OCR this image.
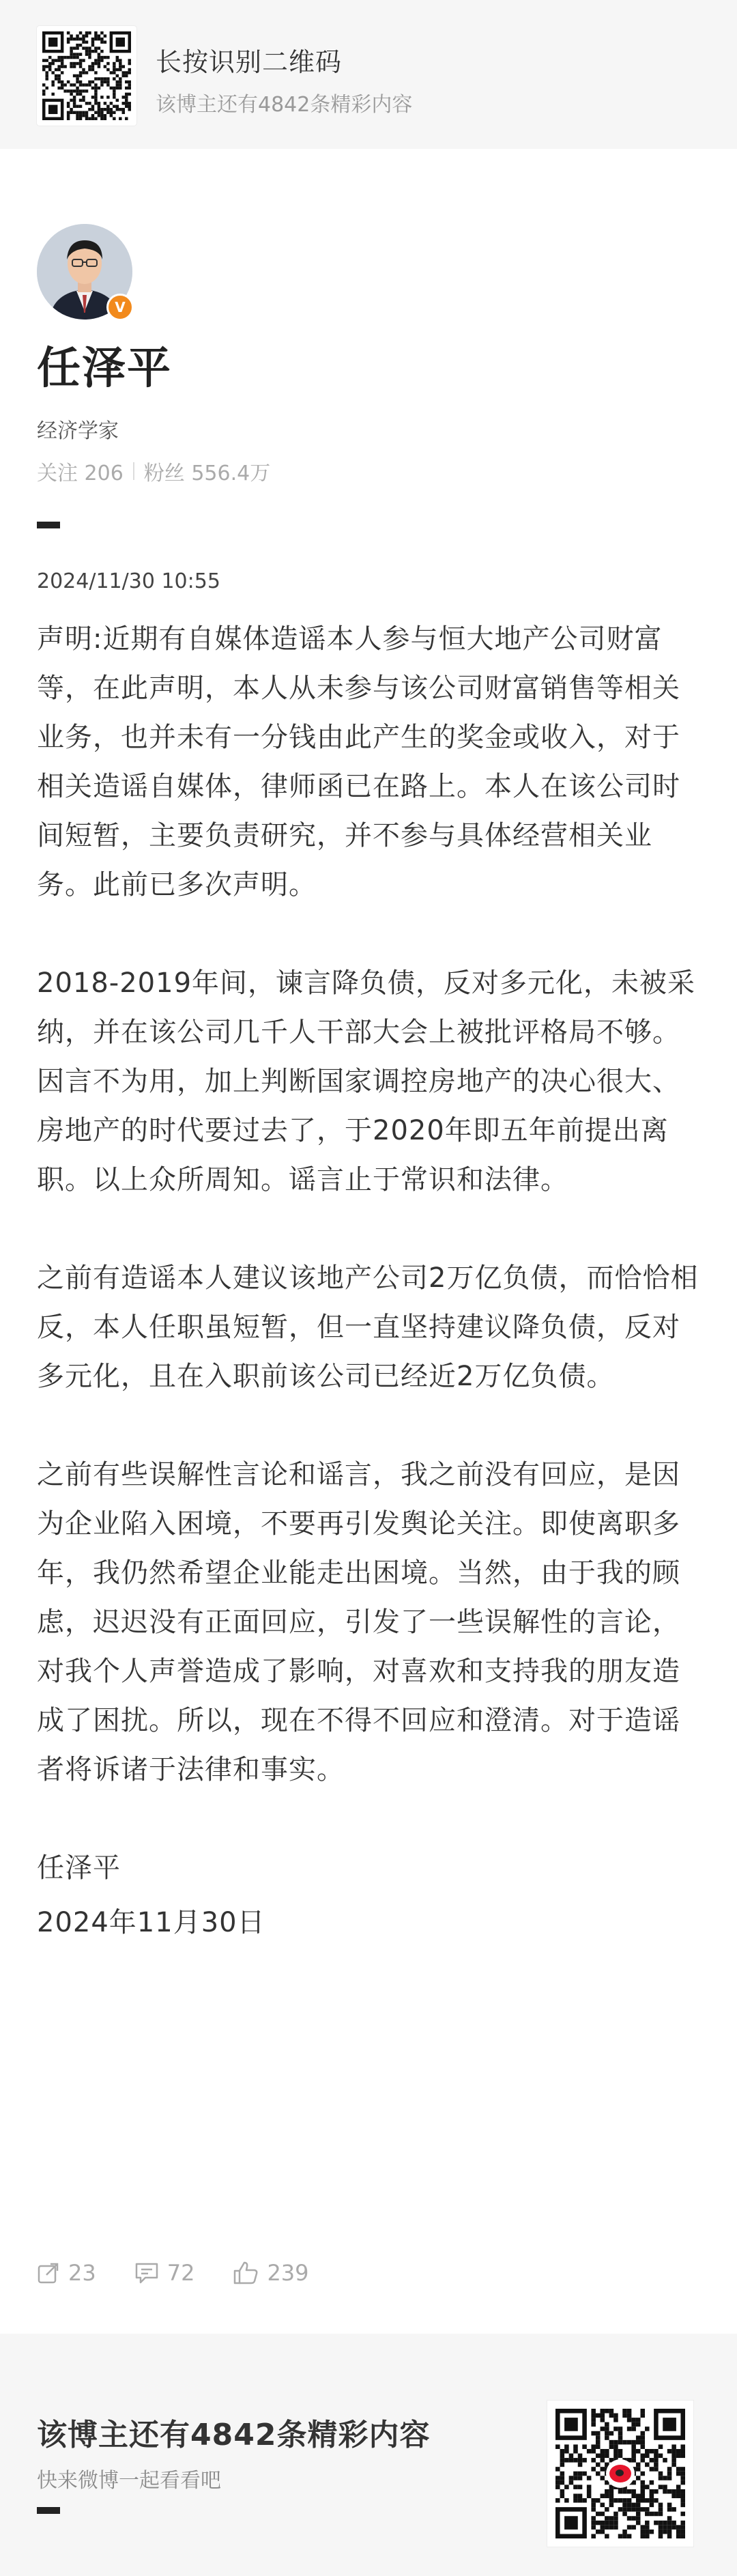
长按识别二维码
该博主还有4842条精彩内容
V
任泽平
经济学家
关注 206 粉丝 556.4万
2024/11/30 10:55

声明:近期有自媒体造谣本人参与恒大地产公司财富等，在此声明，本人从未参与该公司财富销售等相关业务，也并未有一分钱由此产生的奖金或收入，对于相关造谣自媒体，律师函已在路上。本人在该公司时间短暂，主要负责研究，并不参与具体经营相关业务。此前已多次声明。

2018-2019年间，谏言降负债，反对多元化，未被采纳，并在该公司几千人干部大会上被批评格局不够。因言不为用，加上判断国家调控房地产的决心很大、房地产的时代要过去了，于2020年即五年前提出离职。以上众所周知。谣言止于常识和法律。

之前有造谣本人建议该地产公司2万亿负债，而恰恰相反，本人任职虽短暂，但一直坚持建议降负债，反对多元化，且在入职前该公司已经近2万亿负债。

之前有些误解性言论和谣言，我之前没有回应，是因为企业陷入困境，不要再引发舆论关注。即使离职多年，我仍然希望企业能走出困境。当然，由于我的顾虑，迟迟没有正面回应，引发了一些误解性的言论，对我个人声誉造成了影响，对喜欢和支持我的朋友造成了困扰。所以，现在不得不回应和澄清。对于造谣者将诉诸于法律和事实。

任泽平

2024年11月30日

23	72	239
该博主还有4842条精彩内容
快来微博一起看看吧
